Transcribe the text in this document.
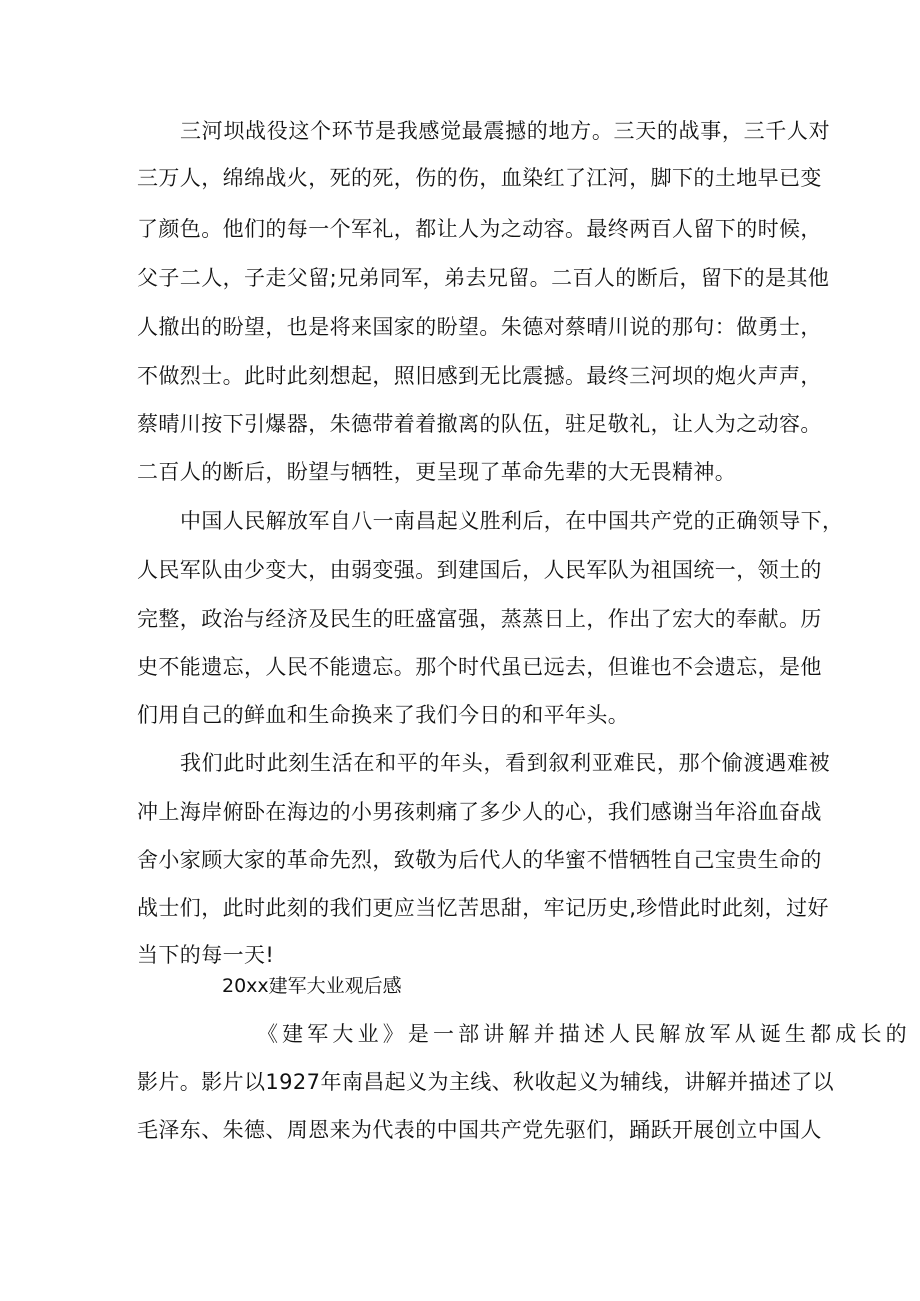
三河坝战役这个环节是我感觉最震撼的地方。三天的战事，三千人对
三万人，绵绵战火，死的死，伤的伤，血染红了江河，脚下的土地早已变
了颜色。他们的每一个军礼，都让人为之动容。最终两百人留下的时候，
父子二人，子走父留;兄弟同军，弟去兄留。二百人的断后，留下的是其他
人撤出的盼望，也是将来国家的盼望。朱德对蔡晴川说的那句：做勇士，
不做烈士。此时此刻想起，照旧感到无比震撼。最终三河坝的炮火声声，
蔡晴川按下引爆器，朱德带着着撤离的队伍，驻足敬礼，让人为之动容。
二百人的断后，盼望与牺牲，更呈现了革命先辈的大无畏精神。
中国人民解放军自八一南昌起义胜利后，在中国共产党的正确领导下，
人民军队由少变大，由弱变强。到建国后，人民军队为祖国统一，领土的
完整，政治与经济及民生的旺盛富强，蒸蒸日上，作出了宏大的奉献。历
史不能遗忘，人民不能遗忘。那个时代虽已远去，但谁也不会遗忘，是他
们用自己的鲜血和生命换来了我们今日的和平年头。
我们此时此刻生活在和平的年头，看到叙利亚难民，那个偷渡遇难被
冲上海岸俯卧在海边的小男孩刺痛了多少人的心，我们感谢当年浴血奋战
舍小家顾大家的革命先烈，致敬为后代人的华蜜不惜牺牲自己宝贵生命的
战士们，此时此刻的我们更应当忆苦思甜，牢记历史,珍惜此时此刻，过好
当下的每一天!
20xx建军大业观后感
《建军大业》是一部讲解并描述人民解放军从诞生都成长的
影片。影片以1927年南昌起义为主线、秋收起义为辅线，讲解并描述了以
毛泽东、朱德、周恩来为代表的中国共产党先驱们，踊跃开展创立中国人
